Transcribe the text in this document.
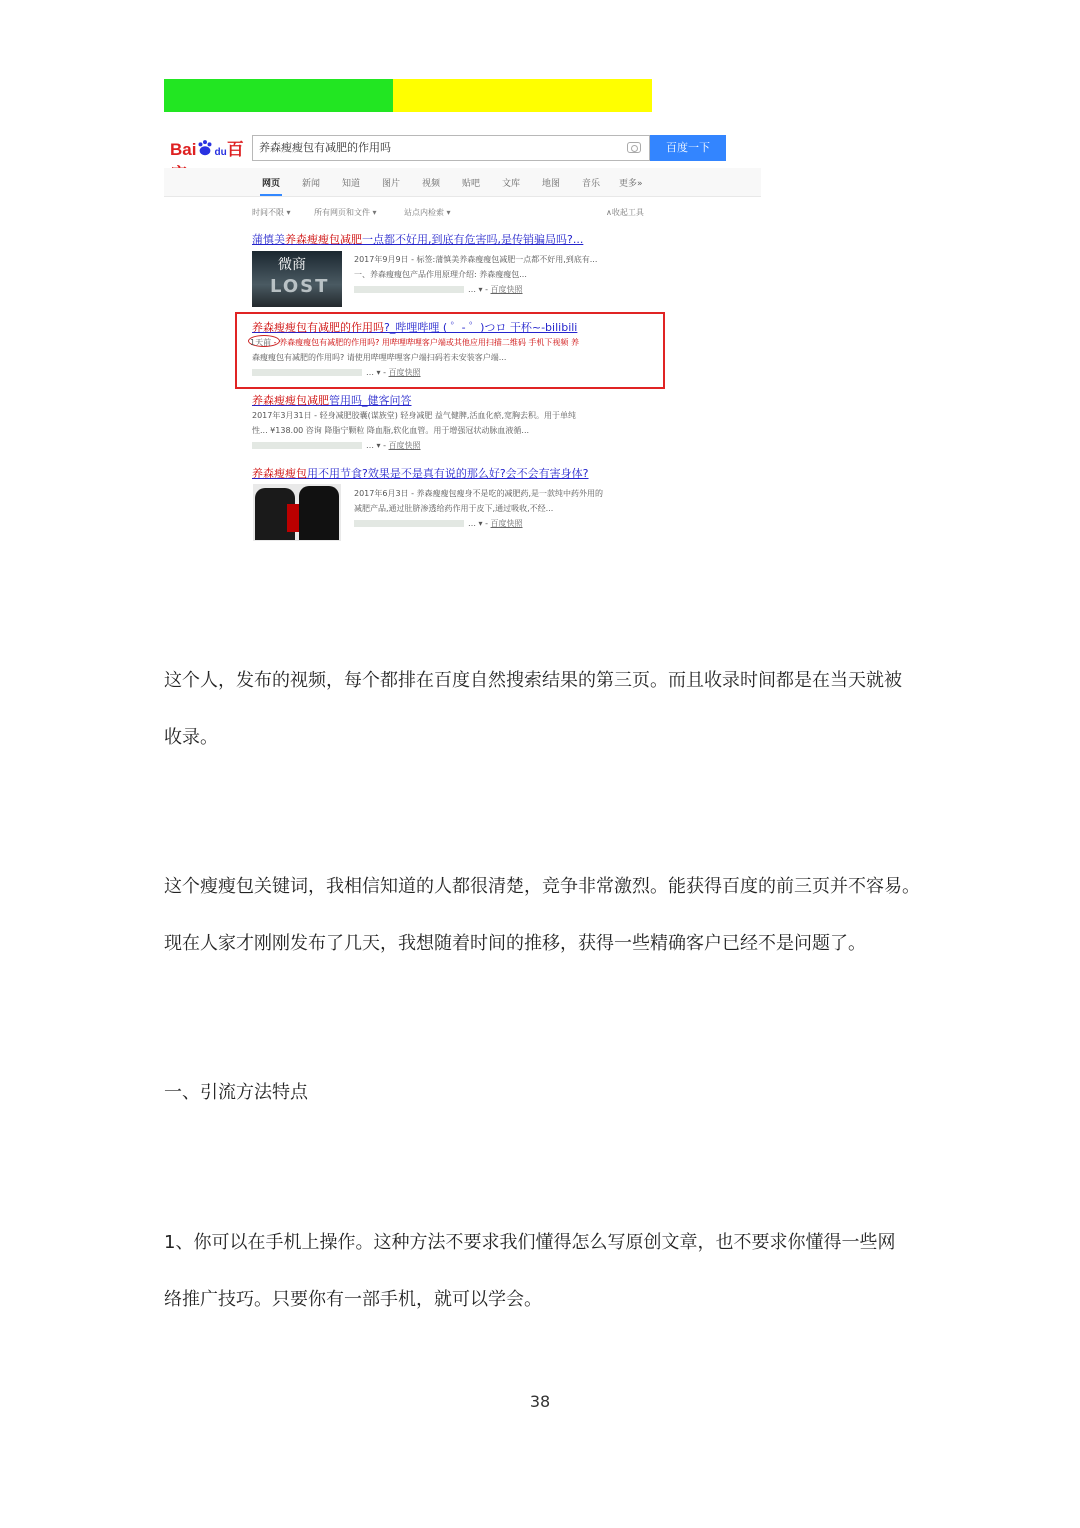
Bai du百	养森瘦瘦包有减肥的作用吗	百度一下
网页 新闻 知道 图片 视频 贴吧 文库 地图 音乐 更多»
时间不限 ▾	所有网页和文件 ▾	站点内检索 ▾	∧收起工具
蒲慎美养森瘦瘦包减肥一点都不好用,到底有危害吗,是传销骗局吗?...
微商
LOST
2017年9月9日 - 标签:蒲慎美养森瘦瘦包减肥一点都不好用,到底有...
一、养森瘦瘦包产品作用原理介绍: 养森瘦瘦包...
… ▾ - 百度快照
养森瘦瘦包有减肥的作用吗?_哔哩哔哩 ( ゜- ゜)つロ 干杯~-bilibili
1天前 - 养森瘦瘦包有减肥的作用吗? 用哔哩哔哩客户端或其他应用扫描二维码 手机下视频 养
森瘦瘦包有减肥的作用吗? 请使用哔哩哔哩客户端扫码若未安装客户端...
… ▾ - 百度快照
养森瘦瘦包减肥管用吗_健客问答
2017年3月31日 - 轻身减肥胶囊(谋族堂) 轻身减肥 益气健脾,活血化瘀,宽胸去积。用于单纯
性... ¥138.00 咨询 降脂宁颗粒 降血脂,软化血管。用于增强冠状动脉血液循...
… ▾ - 百度快照
养森瘦瘦包用不用节食?效果是不是真有说的那么好?会不会有害身体?
2017年6月3日 - 养森瘦瘦包瘦身不是吃的减肥药,是一款纯中药外用的
减肥产品,通过肚脐渗透给药作用于皮下,通过吸收,不经...
… ▾ - 百度快照
这个人，发布的视频，每个都排在百度自然搜索结果的第三页。而且收录时间都是在当天就被
收录。
这个瘦瘦包关键词，我相信知道的人都很清楚，竞争非常激烈。能获得百度的前三页并不容易。
现在人家才刚刚发布了几天，我想随着时间的推移，获得一些精确客户已经不是问题了。
一、引流方法特点
1、你可以在手机上操作。这种方法不要求我们懂得怎么写原创文章，也不要求你懂得一些网
络推广技巧。只要你有一部手机，就可以学会。
38
